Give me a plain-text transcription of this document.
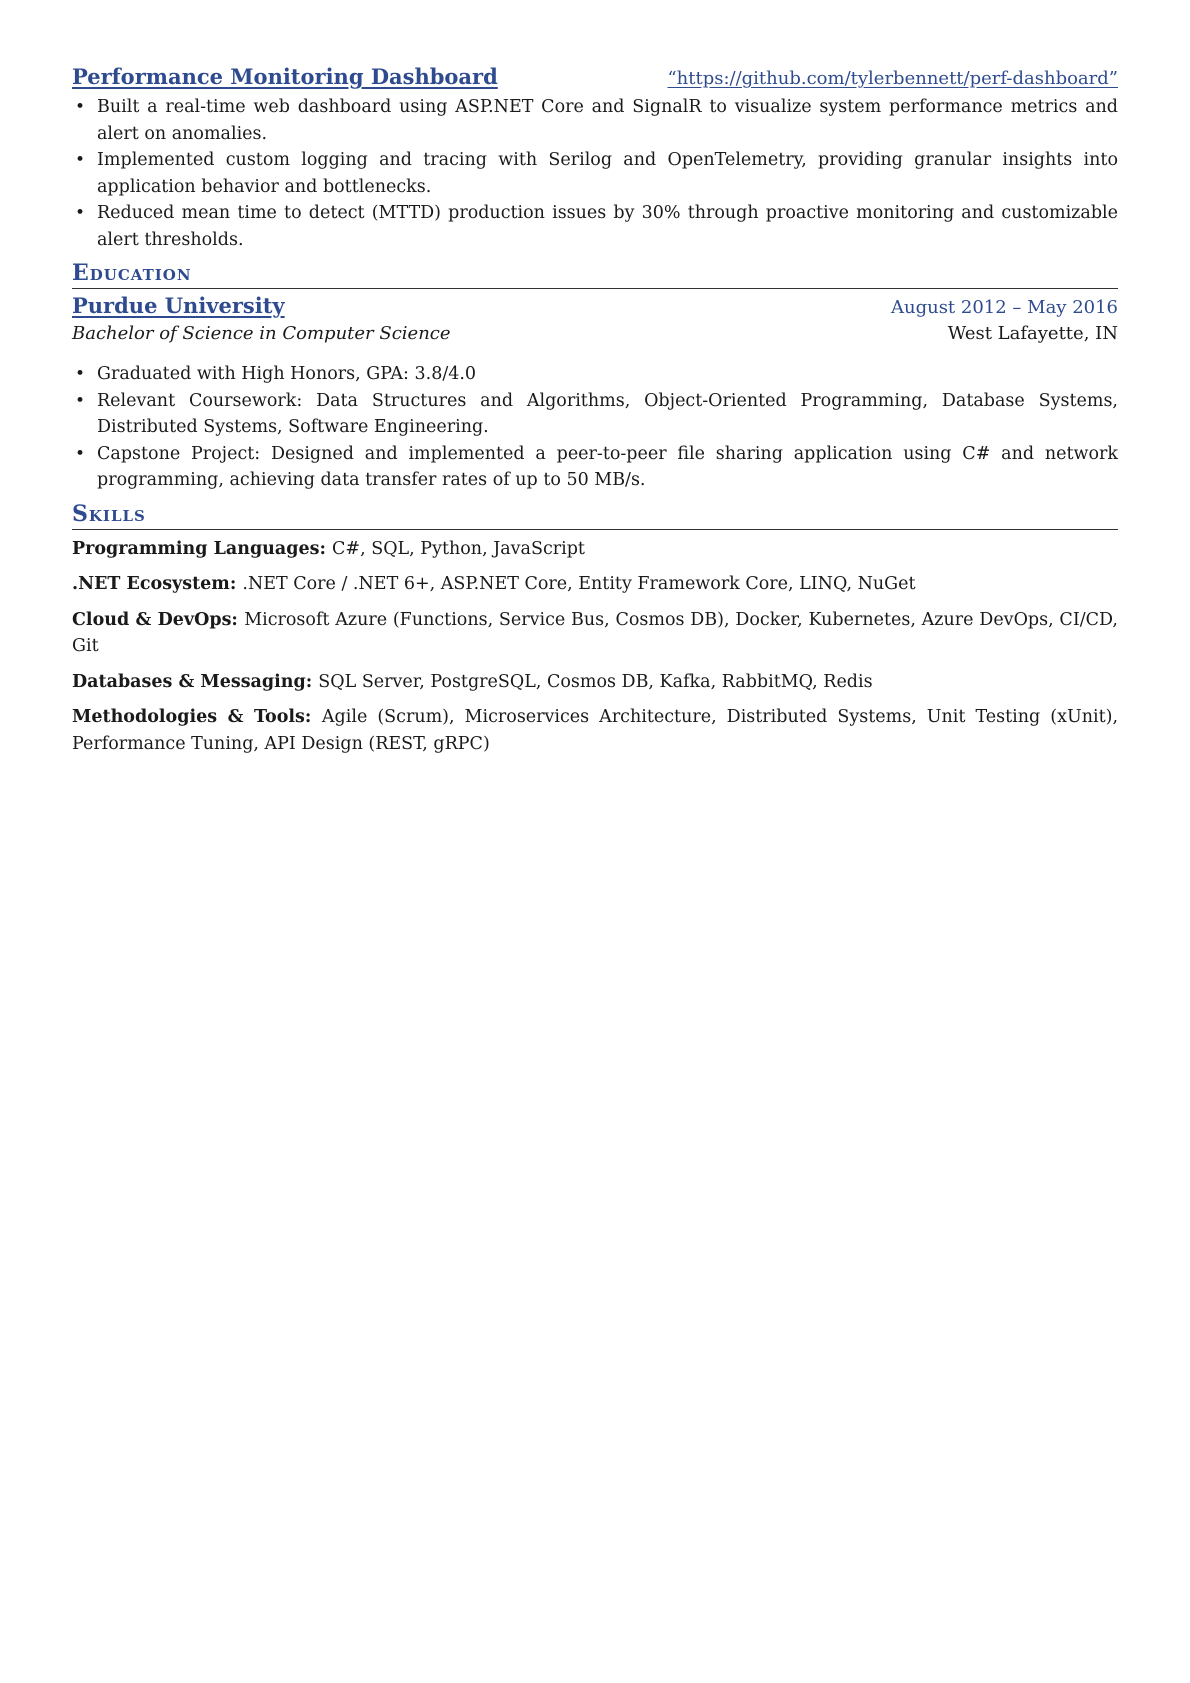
Performance Monitoring Dashboard	“https://github.com/tylerbennett/perf-dashboard”
• Built a real-time web dashboard using ASP.NET Core and SignalR to visualize system performance metrics and alert on anomalies.
• Implemented custom logging and tracing with Serilog and OpenTelemetry, providing granular insights into application behavior and bottlenecks.
• Reduced mean time to detect (MTTD) production issues by 30% through proactive monitoring and customizable alert thresholds.
Education
Purdue University	August 2012 – May 2016
Bachelor of Science in Computer Science	West Lafayette, IN
• Graduated with High Honors, GPA: 3.8/4.0
• Relevant Coursework: Data Structures and Algorithms, Object-Oriented Programming, Database Systems, Distributed Systems, Software Engineering.
• Capstone Project: Designed and implemented a peer-to-peer file sharing application using C# and network programming, achieving data transfer rates of up to 50 MB/s.
Skills
Programming Languages: C#, SQL, Python, JavaScript
.NET Ecosystem: .NET Core / .NET 6+, ASP.NET Core, Entity Framework Core, LINQ, NuGet
Cloud & DevOps: Microsoft Azure (Functions, Service Bus, Cosmos DB), Docker, Kubernetes, Azure DevOps, CI/CD, Git
Databases & Messaging: SQL Server, PostgreSQL, Cosmos DB, Kafka, RabbitMQ, Redis
Methodologies & Tools: Agile (Scrum), Microservices Architecture, Distributed Systems, Unit Testing (xUnit), Performance Tuning, API Design (REST, gRPC)
